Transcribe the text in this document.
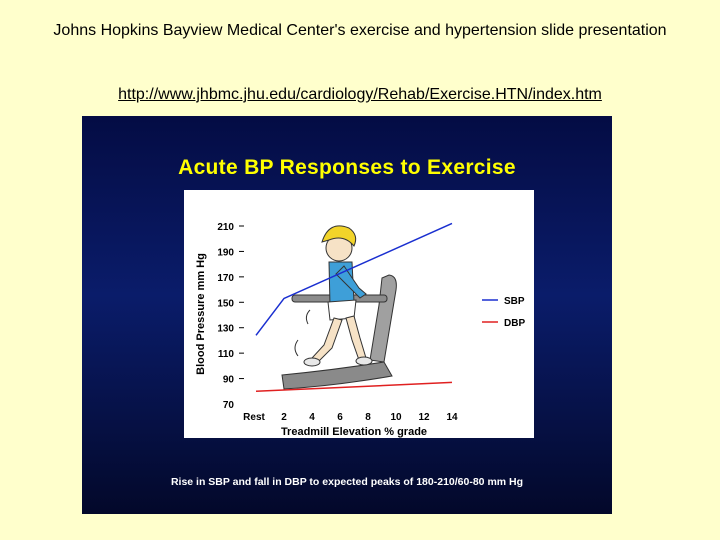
Johns Hopkins Bayview Medical Center's exercise and hypertension slide presentation
http://www.jhbmc.jhu.edu/cardiology/Rehab/Exercise.HTN/index.htm
Acute BP Responses to Exercise
Blood Pressure mm Hg
Treadmill Elevation % grade
70
90
110
130
150
170
190
210
Rest 2 4 6 8 10 12 14
SBP
DBP
Rise in SBP and fall in DBP to expected peaks of 180-210/60-80 mm Hg
